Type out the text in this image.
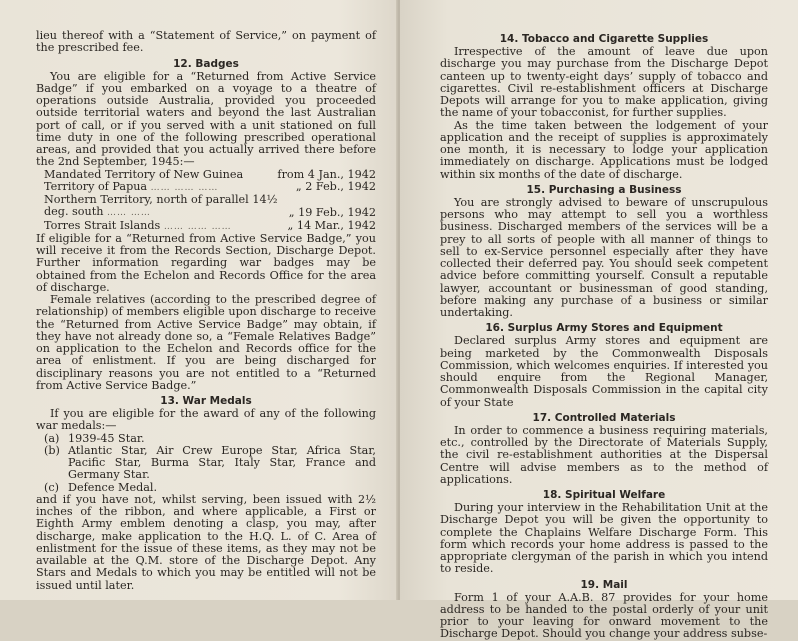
lieu thereof with a “Statement of Service,” on payment of the prescribed fee.

12. Badges

You are eligible for a “Returned from Active Service Badge” if you embarked on a voyage to a theatre of operations outside Australia, provided you proceeded outside territorial waters and beyond the last Australian port of call, or if you served with a unit stationed on full time duty in one of the following prescribed operational areas, and provided that you actually arrived there before the 2nd September, 1945:—

Mandated Territory of New Guinea	from 4 Jan., 1942
Territory of Papua …… …… ……	„ 2 Feb., 1942
Northern Territory, north of parallel 14½ deg. south …… ……	„ 19 Feb., 1942
Torres Strait Islands …… …… ……	„ 14 Mar., 1942

If eligible for a “Returned from Active Service Badge,” you will receive it from the Records Section, Discharge Depot. Further information regarding war badges may be obtained from the Echelon and Records Office for the area of discharge.

Female relatives (according to the prescribed degree of relationship) of members eligible upon discharge to receive the “Returned from Active Service Badge” may obtain, if they have not already done so, a “Female Relatives Badge” on application to the Echelon and Records office for the area of enlistment. If you are being discharged for disciplinary reasons you are not entitled to a “Returned from Active Service Badge.”

13. War Medals

If you are eligible for the award of any of the following war medals:—

(a) 1939-45 Star.
(b) Atlantic Star, Air Crew Europe Star, Africa Star, Pacific Star, Burma Star, Italy Star, France and Germany Star.
(c) Defence Medal.

and if you have not, whilst serving, been issued with 2½ inches of the ribbon, and where applicable, a First or Eighth Army emblem denoting a clasp, you may, after discharge, make application to the H.Q. L. of C. Area of enlistment for the issue of these items, as they may not be available at the Q.M. store of the Discharge Depot. Any Stars and Medals to which you may be entitled will not be issued until later.

14. Tobacco and Cigarette Supplies

Irrespective of the amount of leave due upon discharge you may purchase from the Discharge Depot canteen up to twenty-eight days’ supply of tobacco and cigarettes. Civil re-establishment officers at Discharge Depots will arrange for you to make application, giving the name of your tobacconist, for further supplies.

As the time taken between the lodgement of your application and the receipt of supplies is approximately one month, it is necessary to lodge your application immediately on discharge. Applications must be lodged within six months of the date of discharge.

15. Purchasing a Business

You are strongly advised to beware of unscrupulous persons who may attempt to sell you a worthless business. Discharged members of the services will be a prey to all sorts of people with all manner of things to sell to ex-Service personnel especially after they have collected their deferred pay. You should seek competent advice before committing yourself. Consult a reputable lawyer, accountant or businessman of good standing, before making any purchase of a business or similar undertaking.

16. Surplus Army Stores and Equipment

Declared surplus Army stores and equipment are being marketed by the Commonwealth Disposals Commission, which welcomes enquiries. If interested you should enquire from the Regional Manager, Commonwealth Disposals Commission in the capital city of your State

17. Controlled Materials

In order to commence a business requiring materials, etc., controlled by the Directorate of Materials Supply, the civil re-establishment authorities at the Dispersal Centre will advise members as to the method of applications.

18. Spiritual Welfare

During your interview in the Rehabilitation Unit at the Discharge Depot you will be given the opportunity to complete the Chaplains Welfare Discharge Form. This form which records your home address is passed to the appropriate clergyman of the parish in which you intend to reside.

19. Mail

Form 1 of your A.A.B. 87 provides for your home address to be handed to the postal orderly of your unit prior to your leaving for onward movement to the Discharge Depot. Should you change your address subse-
